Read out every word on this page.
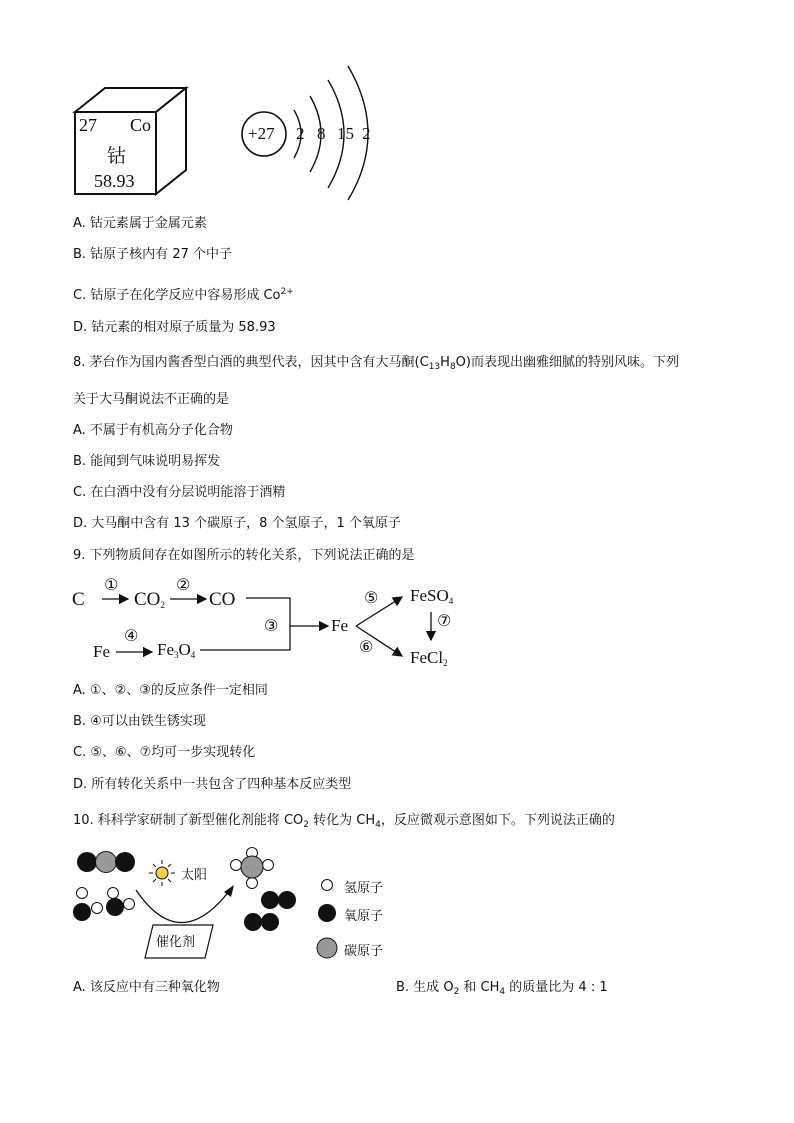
27 Co
钴
58.93
+27 2 8 15 2
A. 钴元素属于金属元素
B. 钴原子核内有 27 个中子
C. 钴原子在化学反应中容易形成 $Co^{2+}$
D. 钴元素的相对原子质量为 58.93
8. 茅台作为国内酱香型白酒的典型代表，因其中含有大马酮$(C_{13}H_8O)$而表现出幽雅细腻的特别风味。下列
关于大马酮说法不正确的是
A. 不属于有机高分子化合物
B. 能闻到气味说明易挥发
C. 在白酒中没有分层说明能溶于酒精
D. 大马酮中含有 13 个碳原子，8 个氢原子，1 个氧原子
9. 下列物质间存在如图所示的转化关系，下列说法正确的是
C	$CO_2$ CO
Fe	$Fe_3O_4$
Fe
FeSO$_4$
FeCl$_2$
①	②
③
④
⑤
⑥
⑦
A. ①、②、③的反应条件一定相同
B. ④可以由铁生锈实现
C. ⑤、⑥、⑦均可一步实现转化
D. 所有转化关系中一共包含了四种基本反应类型
10. 科科学家研制了新型催化剂能将 $CO_2$ 转化为 $CH_4$，反应微观示意图如下。下列说法正确的
太阳
催化剂
氢原子
氧原子
碳原子
A. 该反应中有三种氧化物	B. 生成 $O_2$ 和 $CH_4$ 的质量比为 4 : 1
